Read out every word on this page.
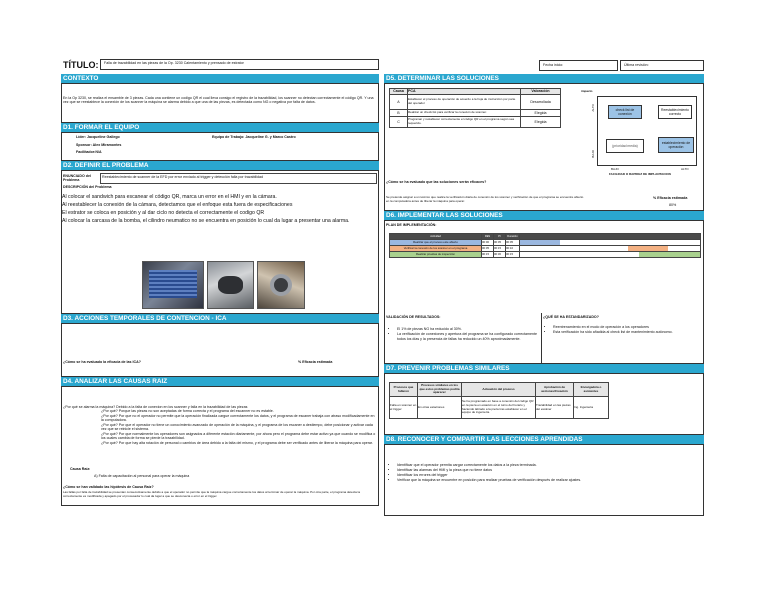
TÍTULO:	Falla de trazabilidad en las piezas de la Op. 3230 Calentamiento y prensado de estrator	Fecha inicio:	Última revisión:
CONTEXTO
En la Op 3230, se realiza el ensamble de 3 piezas. Cada una contiene un codigo QR el cual lleva consigo el registro de la trazabilidad, los scanner no detectan correctamente el código QR. Y una vez que se reestablece la conexión de los scanner la máquina se alarma debido a que una de las piezas, es detectada como NG o negativa por falta de datos.
D1. FORMAR EL EQUIPO
Líder: Jacqueline Gallego	Equipo de Trabajo: Jacqueline G. y Marco Castro
Sponsor: Alex Miramontes
Facilitador:N/A
D2. DEFINIR EL PROBLEMA
ENUNCIADO del Problema
Reestablecimiento de scanner de la EFD por error enviado al trigger y detección falla por trazabilidad
DESCRIPCIÓN del Problema
Al colocar el sandwich para escanear el código QR, marca un error en el HMI y en la cámara.
Al reestablecer la conexión de la cámara, detectamos que el enfoque esta fuera de especificaciones
El estrator se coloca en posición y al dar ciclo no detecta el correctamente el codigo QR
Al colocar la carcasa de la bomba, el cilindro neumatico no se encuentra en posición lo cual da lugar a presentar una alarma.
D3. ACCIONES TEMPORALES DE CONTENCION - ICA
¿Cómo se ha evaluado la eficacia de las ICA?	% Eficacia estimada
D4. ANALIZAR LAS CAUSAS RAIZ
¿Por qué se alarma la máquina? Debido a la falta de conexion en los scanner y falla en la trazabilidad de las piezas
¿Por qué? Porque las piezas no son aceptadas de forma correcta y el programa del escanner no es estable.
¿Por qué? Por que no el operador no permite que la operación finalizada cargue correctamente los datos, y el programa de escaner trabaja con atraso modificadamente en la computadora.
¿Por qué? Por que el operador no tiene un conocimiento avanzado de operación de la máquina, y el programa de los escaner a destiempo, debe posicionar y activar cada vez que se reinicie el sistema.
¿Por qué? Por que normalmente los operadores son asignados a diferente estación diariamente, por ahora pero el programa debe estar activo ya que cuando se modifica o los cuales cambia de forma se pierde la trazabilidad.
¿Por qué? Por que hay alta rotación de personal o cambios de área debido a la falta del mismo, y el programa debe ser verificado antes de liberar la máquina para operar.
Causa Raíz:
A) Falta de capacitación al personal para operar la máquina
¿Cómo se han validado las hipótesis de Causa Raíz?
Las fallas por falta de trazabilidad se presentan consecutivamente debido a que el operador no permite que la máquina cargue correctamente los datos al terminar de operar la máquina. Por otra parte, el programa detecta la correctamente es modificada y apagado por el procesador lo cual da lugar a que se desconecta o error en el trigger.
D5. DETERMINAR LAS SOLUCIONES
Causa	PCA	Valoración
A	Establecer el proceso de operación de acuerdo a la hoja de instrucción por parte del operador	Desarrollada
B	Realizar un check list para verificar la conexión de scanner.	Elegida
C	Programar y restablecer correctamente el código QR en el programa según sea requerido.	Elegida
impacto
ALTO
BAJO
check list de conexión
Reestablecimiento correcto
(prioridad media)
establecimiento de operación
BAJO	ALTO
FACILIDAD O RAPIDEZ DE IMPLANTACION
¿Cómo se ha evaluado que las soluciones serán eficaces?
Se pretende asignar a un técnico que realice la verificación diaria de conexión de los scanner y verificación de que el programa se encuentre abierto en la computadora antes de liberar la máquina para operar.
% Eficacia estimada
80%
D6. IMPLEMENTAR LAS SOLUCIONES
PLAN DE IMPLEMENTACIÓN:
Actividad	RES	PI	Duración	
Realizar que el proceso este abierto	00:00	00:05	00:05	

Verificar la conexión de los scanner en el programa	00:05	00:15	00:10	

Realizar pruebas de inspección	00:15	00:30	00:15	
VALIDACIÓN DE RESULTADOS:
• El 1% de piezas NG ha reducido al 30%.
• La verificación de conexiones y apertura del programa se ha configurado correctamente todos los días y la presencia de fallas ha reducido un 40% aproximadamente.
¿QUÉ SE HA ESTANDARIZADO?
• Reentrenamiento en el modo de operación a los operadores
• Esta verificación ha sido añadida al check list de mantenimiento autónomo.
D7. PREVENIR PROBLEMAS SIMILARES
Procesos que fallaron	Procesos similares en los que estos problemas podría aparecer	Actuación del proceso	Aprobación de acciones/Creación	Encargado/a o asistentes
Falla en scanner en el trigger	En otras estaciones	Se ha programado en base a conexión del código QR en la pieza en estación en el turno del horario y haciendo labrado a la pieza tras establecer en el equipo de ingeniería.	Trazabilidad en las piezas del escáner	Ing. Ingenieria
D8. RECONOCER Y COMPARTIR LAS LECCIONES APRENDIDAS
• Identificar que el operador permita cargar correctamente los datos a la pieza terminada.
• Identificar las alarmas del HMI y la pieza que no tiene datos
• Identificar los errores del trigger
• Verificar que la máquina se encuentre en posición para realizar pruebas de verificación después de realizar ajustes.
